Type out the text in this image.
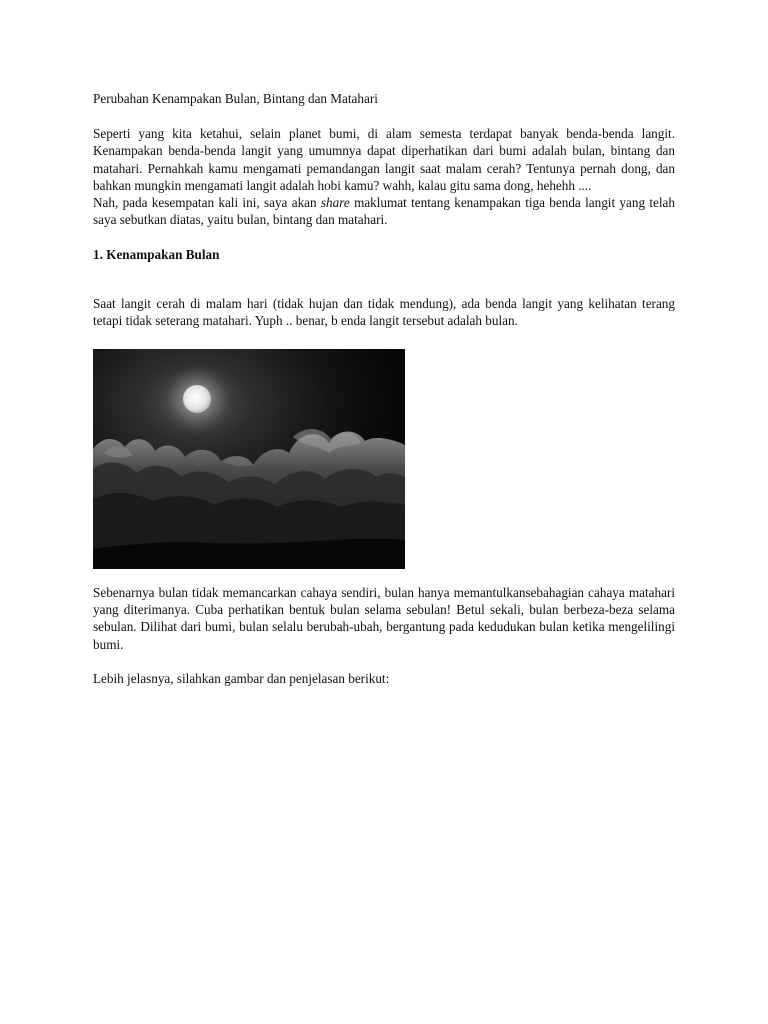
Perubahan Kenampakan Bulan, Bintang dan Matahari

Seperti yang kita ketahui, selain planet bumi, di alam semesta terdapat banyak benda-benda langit. Kenampakan benda-benda langit yang umumnya dapat diperhatikan dari bumi adalah bulan, bintang dan matahari. Pernahkah kamu mengamati pemandangan langit saat malam cerah? Tentunya pernah dong, dan bahkan mungkin mengamati langit adalah hobi kamu? wahh, kalau gitu sama dong, hehehh ....

Nah, pada kesempatan kali ini, saya akan share maklumat tentang kenampakan tiga benda langit yang telah saya sebutkan diatas, yaitu bulan, bintang dan matahari.

1. Kenampakan Bulan

Saat langit cerah di malam hari (tidak hujan dan tidak mendung), ada benda langit yang kelihatan terang tetapi tidak seterang matahari. Yuph .. benar, b enda langit tersebut adalah bulan.

Sebenarnya bulan tidak memancarkan cahaya sendiri, bulan hanya memantulkansebahagian cahaya matahari yang diterimanya. Cuba perhatikan bentuk bulan selama sebulan! Betul sekali, bulan berbeza-beza selama sebulan. Dilihat dari bumi, bulan selalu berubah-ubah, bergantung pada kedudukan bulan ketika mengelilingi bumi.

Lebih jelasnya, silahkan gambar dan penjelasan berikut:
